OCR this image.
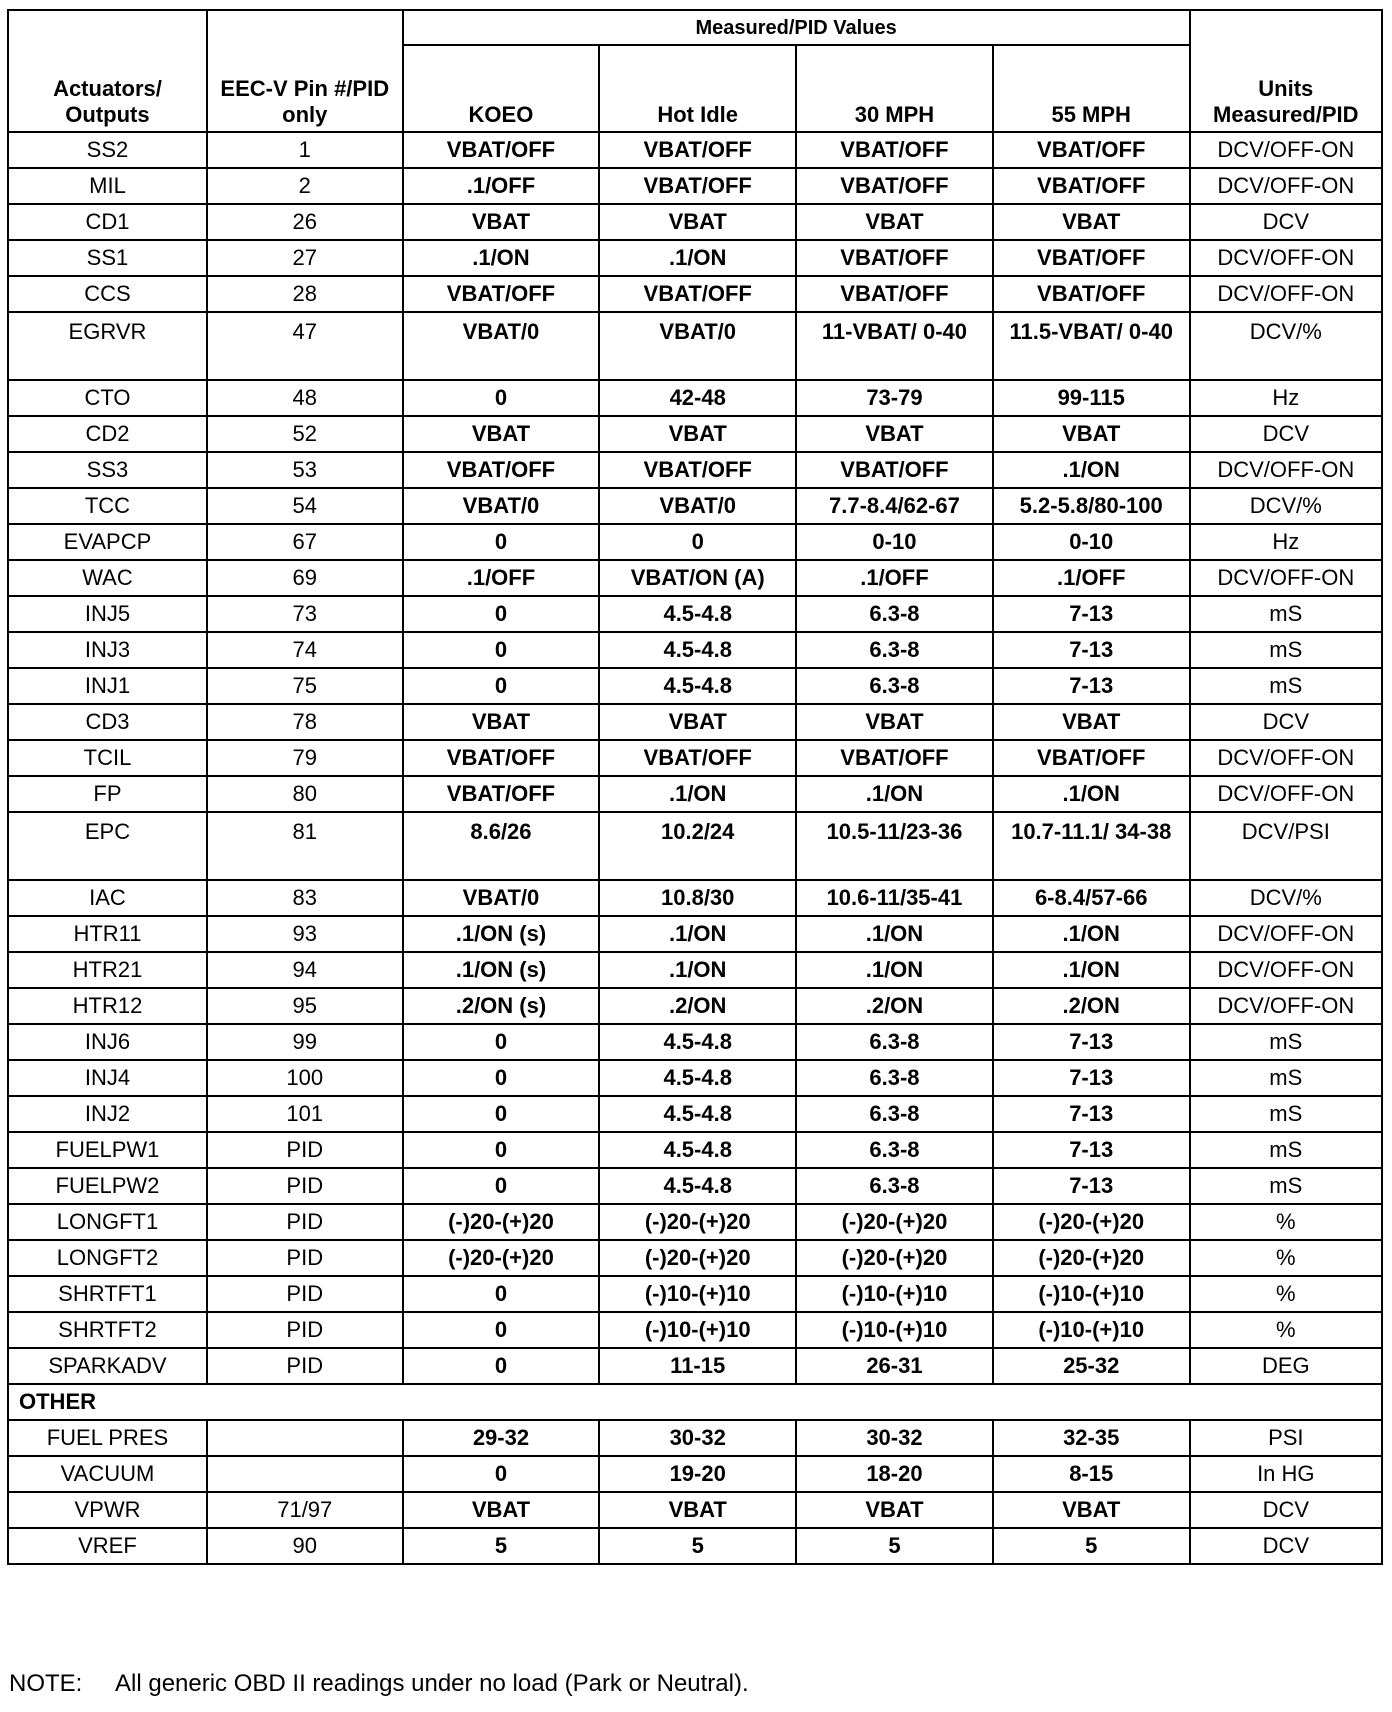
Actuators/ Outputs	EEC-V Pin #/PID only	Measured/PID Values				Units Measured/PID
		KOEO	Hot Idle	30 MPH	55 MPH	
SS2	1	VBAT/OFF	VBAT/OFF	VBAT/OFF	VBAT/OFF	DCV/OFF-ON
MIL	2	.1/OFF	VBAT/OFF	VBAT/OFF	VBAT/OFF	DCV/OFF-ON
CD1	26	VBAT	VBAT	VBAT	VBAT	DCV
SS1	27	.1/ON	.1/ON	VBAT/OFF	VBAT/OFF	DCV/OFF-ON
CCS	28	VBAT/OFF	VBAT/OFF	VBAT/OFF	VBAT/OFF	DCV/OFF-ON
EGRVR	47	VBAT/0	VBAT/0	11-VBAT/ 0-40	11.5-VBAT/ 0-40	DCV/%
CTO	48	0	42-48	73-79	99-115	Hz
CD2	52	VBAT	VBAT	VBAT	VBAT	DCV
SS3	53	VBAT/OFF	VBAT/OFF	VBAT/OFF	.1/ON	DCV/OFF-ON
TCC	54	VBAT/0	VBAT/0	7.7-8.4/62-67	5.2-5.8/80-100	DCV/%
EVAPCP	67	0	0	0-10	0-10	Hz
WAC	69	.1/OFF	VBAT/ON (A)	.1/OFF	.1/OFF	DCV/OFF-ON
INJ5	73	0	4.5-4.8	6.3-8	7-13	mS
INJ3	74	0	4.5-4.8	6.3-8	7-13	mS
INJ1	75	0	4.5-4.8	6.3-8	7-13	mS
CD3	78	VBAT	VBAT	VBAT	VBAT	DCV
TCIL	79	VBAT/OFF	VBAT/OFF	VBAT/OFF	VBAT/OFF	DCV/OFF-ON
FP	80	VBAT/OFF	.1/ON	.1/ON	.1/ON	DCV/OFF-ON
EPC	81	8.6/26	10.2/24	10.5-11/23-36	10.7-11.1/ 34-38	DCV/PSI
IAC	83	VBAT/0	10.8/30	10.6-11/35-41	6-8.4/57-66	DCV/%
HTR11	93	.1/ON (s)	.1/ON	.1/ON	.1/ON	DCV/OFF-ON
HTR21	94	.1/ON (s)	.1/ON	.1/ON	.1/ON	DCV/OFF-ON
HTR12	95	.2/ON (s)	.2/ON	.2/ON	.2/ON	DCV/OFF-ON
INJ6	99	0	4.5-4.8	6.3-8	7-13	mS
INJ4	100	0	4.5-4.8	6.3-8	7-13	mS
INJ2	101	0	4.5-4.8	6.3-8	7-13	mS
FUELPW1	PID	0	4.5-4.8	6.3-8	7-13	mS
FUELPW2	PID	0	4.5-4.8	6.3-8	7-13	mS
LONGFT1	PID	(-)20-(+)20	(-)20-(+)20	(-)20-(+)20	(-)20-(+)20	%
LONGFT2	PID	(-)20-(+)20	(-)20-(+)20	(-)20-(+)20	(-)20-(+)20	%
SHRTFT1	PID	0	(-)10-(+)10	(-)10-(+)10	(-)10-(+)10	%
SHRTFT2	PID	0	(-)10-(+)10	(-)10-(+)10	(-)10-(+)10	%
SPARKADV	PID	0	11-15	26-31	25-32	DEG
OTHER						
FUEL PRES		29-32	30-32	30-32	32-35	PSI
VACUUM		0	19-20	18-20	8-15	In HG
VPWR	71/97	VBAT	VBAT	VBAT	VBAT	DCV
VREF	90	5	5	5	5	DCV
NOTE: All generic OBD II readings under no load (Park or Neutral).
